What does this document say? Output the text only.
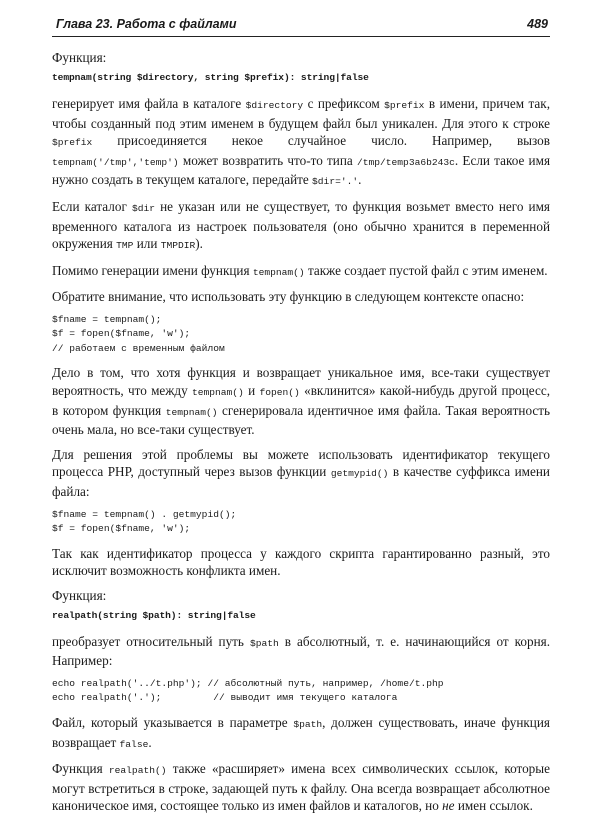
Глава 23. Работа с файлами	489
Функция:
tempnam(string $directory, string $prefix): string|false

генерирует имя файла в каталоге $directory с префиксом $prefix в имени, причем так, чтобы созданный под этим именем в будущем файл был уникален. Для этого к строке $prefix присоединяется некое случайное число. Например, вызов tempnam('/tmp','temp') может возвратить что-то типа /tmp/temp3a6b243c. Если такое имя нужно создать в текущем каталоге, передайте $dir='.'.

Если каталог $dir не указан или не существует, то функция возьмет вместо него имя временного каталога из настроек пользователя (оно обычно хранится в переменной окружения TMP или TMPDIR).

Помимо генерации имени функция tempnam() также создает пустой файл с этим именем.

Обратите внимание, что использовать эту функцию в следующем контексте опасно:

$fname = tempnam();
$f = fopen($fname, 'w');
// работаем с временным файлом

Дело в том, что хотя функция и возвращает уникальное имя, все-таки существует вероятность, что между tempnam() и fopen() «вклинится» какой-нибудь другой процесс, в котором функция tempnam() сгенерировала идентичное имя файла. Такая вероятность очень мала, но все-таки существует.

Для решения этой проблемы вы можете использовать идентификатор текущего процесса PHP, доступный через вызов функции getmypid() в качестве суффикса имени файла:

$fname = tempnam() . getmypid();
$f = fopen($fname, 'w');

Так как идентификатор процесса у каждого скрипта гарантированно разный, это исключит возможность конфликта имен.

Функция:
realpath(string $path): string|false

преобразует относительный путь $path в абсолютный, т. е. начинающийся от корня. Например:

echo realpath('../t.php'); // абсолютный путь, например, /home/t.php
echo realpath('.');         // выводит имя текущего каталога

Файл, который указывается в параметре $path, должен существовать, иначе функция возвращает false.

Функция realpath() также «расширяет» имена всех символических ссылок, которые могут встретиться в строке, задающей путь к файлу. Она всегда возвращает абсолютное каноническое имя, состоящее только из имен файлов и каталогов, но не имен ссылок.
